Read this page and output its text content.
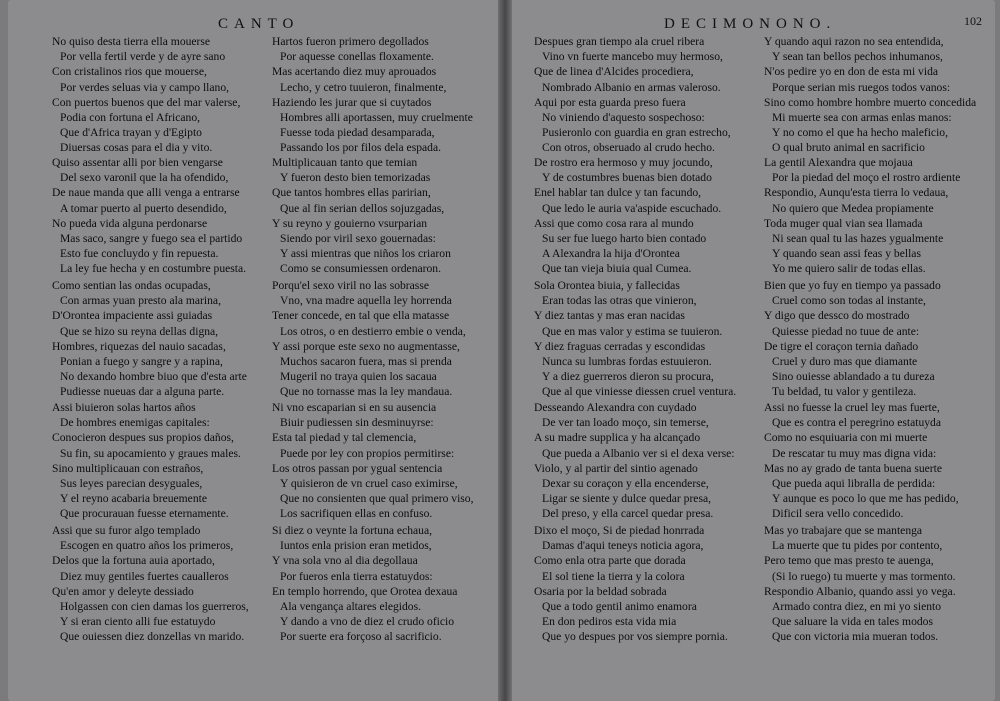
CANTO	DECIMONONO.	102
No quiso desta tierra ella mouerse
Por vella fertil verde y de ayre sano
Con cristalinos rios que mouerse,
Por verdes seluas via y campo llano,
Con puertos buenos que del mar valerse,
Podia con fortuna el Africano,
Que d'Africa trayan y d'Egipto
Diuersas cosas para el dia y vito.
Quiso assentar alli por bien vengarse
Del sexo varonil que la ha ofendido,
De naue manda que alli venga a entrarse
A tomar puerto al puerto desendido,
No pueda vida alguna perdonarse
Mas saco, sangre y fuego sea el partido
Esto fue concluydo y fin repuesta.
La ley fue hecha y en costumbre puesta.
Como sentian las ondas ocupadas,
Con armas yuan presto ala marina,
D'Orontea impaciente assi guiadas
Que se hizo su reyna dellas digna,
Hombres, riquezas del nauio sacadas,
Ponian a fuego y sangre y a rapina,
No dexando hombre biuo que d'esta arte
Pudiesse nueuas dar a alguna parte.
Assi biuieron solas hartos años
De hombres enemigas capitales:
Conocieron despues sus propios daños,
Su fin, su apocamiento y graues males.
Sino multiplicauan con estraños,
Sus leyes parecian desyguales,
Y el reyno acabaria breuemente
Que procurauan fuesse eternamente.
Assi que su furor algo templado
Escogen en quatro años los primeros,
Delos que la fortuna auia aportado,
Diez muy gentiles fuertes caualleros
Qu'en amor y deleyte dessiado
Holgassen con cien damas los guerreros,
Y si eran ciento alli fue estatuydo
Que ouiessen diez donzellas vn marido.
Hartos fueron primero degollados
Por aquesse conellas floxamente.
Mas acertando diez muy aprouados
Lecho, y cetro tuuieron, finalmente,
Haziendo les jurar que si cuytados
Hombres alli aportassen, muy cruelmente
Fuesse toda piedad desamparada,
Passando los por filos dela espada.
Multiplicauan tanto que temian
Y fueron desto bien temorizadas
Que tantos hombres ellas paririan,
Que al fin serian dellos sojuzgadas,
Y su reyno y gouierno vsurparian
Siendo por viril sexo gouernadas:
Y assi mientras que niños los criaron
Como se consumiessen ordenaron.
Porqu'el sexo viril no las sobrasse
Vno, vna madre aquella ley horrenda
Tener concede, en tal que ella matasse
Los otros, o en destierro embie o venda,
Y assi porque este sexo no augmentasse,
Muchos sacaron fuera, mas si prenda
Mugeril no traya quien los sacaua
Que no tornasse mas la ley mandaua.
Ni vno escaparian si en su ausencia
Biuir pudiessen sin desminuyrse:
Esta tal piedad y tal clemencia,
Puede por ley con propios permitirse:
Los otros passan por ygual sentencia
Y quisieron de vn cruel caso eximirse,
Que no consienten que qual primero viso,
Los sacrifiquen ellas en confuso.
Si diez o veynte la fortuna echaua,
Iuntos enla prision eran metidos,
Y vna sola vno al dia degollaua
Por fueros enla tierra estatuydos:
En templo horrendo, que Orotea dexaua
Ala vengança altares elegidos.
Y dando a vno de diez el crudo oficio
Por suerte era forçoso al sacrificio.
Despues gran tiempo ala cruel ribera
Vino vn fuerte mancebo muy hermoso,
Que de linea d'Alcides procediera,
Nombrado Albanio en armas valeroso.
Aqui por esta guarda preso fuera
No viniendo d'aquesto sospechoso:
Pusieronlo con guardia en gran estrecho,
Con otros, obseruado al crudo hecho.
De rostro era hermoso y muy jocundo,
Y de costumbres buenas bien dotado
Enel hablar tan dulce y tan facundo,
Que ledo le auria va'aspide escuchado.
Assi que como cosa rara al mundo
Su ser fue luego harto bien contado
A Alexandra la hija d'Orontea
Que tan vieja biuia qual Cumea.
Sola Orontea biuia, y fallecidas
Eran todas las otras que vinieron,
Y diez tantas y mas eran nacidas
Que en mas valor y estima se tuuieron.
Y diez fraguas cerradas y escondidas
Nunca su lumbras fordas estuuieron.
Y a diez guerreros dieron su procura,
Que al que viniesse diessen cruel ventura.
Desseando Alexandra con cuydado
De ver tan loado moço, sin temerse,
A su madre supplica y ha alcançado
Que pueda a Albanio ver si el dexa verse:
Violo, y al partir del sintio agenado
Dexar su coraçon y ella encenderse,
Ligar se siente y dulce quedar presa,
Del preso, y ella carcel quedar presa.
Dixo el moço, Si de piedad honrrada
Damas d'aqui teneys noticia agora,
Como enla otra parte que dorada
El sol tiene la tierra y la colora
Osaria por la beldad sobrada
Que a todo gentil animo enamora
En don pediros esta vida mia
Que yo despues por vos siempre pornia.
Y quando aqui razon no sea entendida,
Y sean tan bellos pechos inhumanos,
N'os pedire yo en don de esta mi vida
Porque serian mis ruegos todos vanos:
Sino como hombre hombre muerto concedida
Mi muerte sea con armas enlas manos:
Y no como el que ha hecho maleficio,
O qual bruto animal en sacrificio
La gentil Alexandra que mojaua
Por la piedad del moço el rostro ardiente
Respondio, Aunqu'esta tierra lo vedaua,
No quiero que Medea propiamente
Toda muger qual vian sea llamada
Ni sean qual tu las hazes ygualmente
Y quando sean assi feas y bellas
Yo me quiero salir de todas ellas.
Bien que yo fuy en tiempo ya passado
Cruel como son todas al instante,
Y digo que dessco do mostrado
Quiesse piedad no tuue de ante:
De tigre el coraçon ternia dañado
Cruel y duro mas que diamante
Sino ouiesse ablandado a tu dureza
Tu beldad, tu valor y gentileza.
Assi no fuesse la cruel ley mas fuerte,
Que es contra el peregrino estatuyda
Como no esquiuaria con mi muerte
De rescatar tu muy mas digna vida:
Mas no ay grado de tanta buena suerte
Que pueda aqui libralla de perdida:
Y aunque es poco lo que me has pedido,
Dificil sera vello concedido.
Mas yo trabajare que se mantenga
La muerte que tu pides por contento,
Pero temo que mas presto te auenga,
(Si lo ruego) tu muerte y mas tormento.
Respondio Albanio, quando assi yo vega.
Armado contra diez, en mi yo siento
Que saluare la vida en tales modos
Que con victoria mia mueran todos.
